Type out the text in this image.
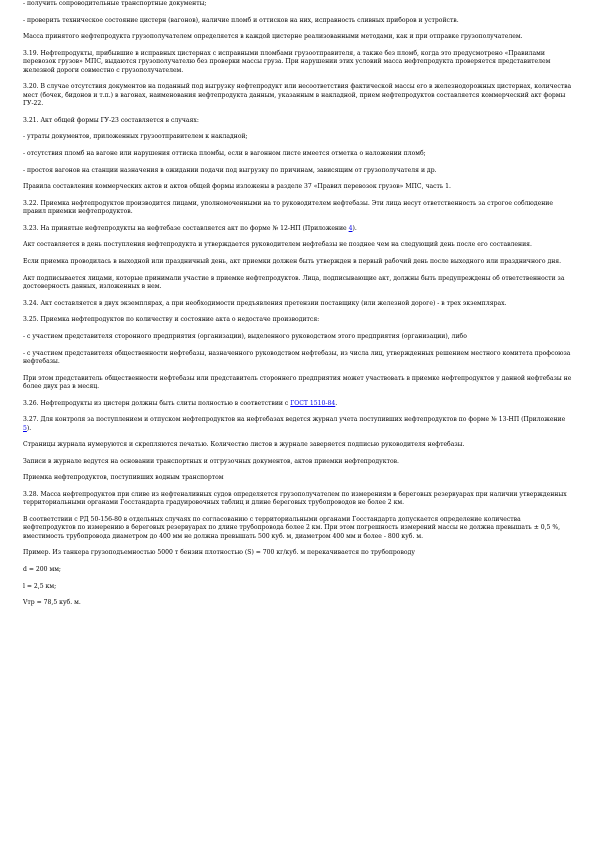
- получить сопроводительные транспортные документы;

- проверить техническое состояние цистерн (вагонов), наличие пломб и оттисков на них, исправность сливных приборов и устройств.

Масса принятого нефтепродукта грузополучателем определяется в каждой цистерне реализованными методами, как и при отправке грузополучателем.

3.19. Нефтепродукты, прибывшие в исправных цистернах с исправными пломбами грузоотправителя, а также без пломб, когда это предусмотрено «Правилами перевозок грузов» МПС, выдаются грузополучателю без проверки массы груза. При нарушении этих условий масса нефтепродукта проверяется представителем железной дороги совместно с грузополучателем.

3.20. В случае отсутствия документов на поданный под выгрузку нефтепродукт или несоответствия фактической массы его в железнодорожных цистернах, количества мест (бочек, бидонов и т.п.) в вагонах, наименования нефтепродукта данным, указанным в накладной, прием нефтепродуктов составляется коммерческий акт формы ГУ-22.

3.21. Акт общей формы ГУ-23 составляется в случаях:

- утраты документов, приложенных грузоотправителем к накладной;

- отсутствия пломб на вагоне или нарушения оттиска пломбы, если в вагонном листе имеется отметка о наложении пломб;

- простоя вагонов на станции назначения в ожидании подачи под выгрузку по причинам, зависящим от грузополучателя и др.

Правила составления коммерческих актов и актов общей формы изложены в разделе 37 «Правил перевозок грузов» МПС, часть 1.

3.22. Приемка нефтепродуктов производится лицами, уполномоченными на то руководителем нефтебазы. Эти лица несут ответственность за строгое соблюдение правил приемки нефтепродуктов.

3.23. На принятые нефтепродукты на нефтебазе составляется акт по форме № 12-НП (Приложение 4).

Акт составляется в день поступления нефтепродукта и утверждается руководителем нефтебазы не позднее чем на следующий день после его составления.

Если приемка проводилась в выходной или праздничный день, акт приемки должен быть утвержден в первый рабочий день после выходного или праздничного дня.

Акт подписывается лицами, которые принимали участие в приемке нефтепродуктов. Лица, подписывающие акт, должны быть предупреждены об ответственности за достоверность данных, изложенных в нем.

3.24. Акт составляется в двух экземплярах, а при необходимости предъявления претензии поставщику (или железной дороге) - в трех экземплярах.

3.25. Приемка нефтепродуктов по количеству и состояние акта о недостаче производится:

- с участием представителя сторонного предприятия (организации), выделенного руководством этого предприятия (организации), либо

- с участием представителя общественности нефтебазы, назначенного руководством нефтебазы, из числа лиц, утвержденных решением местного комитета профсоюза нефтебазы.

При этом представитель общественности нефтебазы или представитель стороннего предприятия может участвовать в приемке нефтепродуктов у данной нефтебазы не более двух раз в месяц.

3.26. Нефтепродукты из цистерн должны быть слиты полностью в соответствии с ГОСТ 1510-84.

3.27. Для контроля за поступлением и отпуском нефтепродуктов на нефтебазах ведется журнал учета поступивших нефтепродуктов по форме № 13-НП (Приложение 5).

Страницы журнала нумеруются и скрепляются печатью. Количество листов в журнале заверяется подписью руководителя нефтебазы.

Записи в журнале ведутся на основании транспортных и отгрузочных документов, актов приемки нефтепродуктов.

Приемка нефтепродуктов, поступивших водным транспортом

3.28. Масса нефтепродуктов при сливе из нефтеналивных судов определяется грузополучателем по измерениям в береговых резервуарах при наличии утвержденных территориальными органами Госстандарта градуировочных таблиц и длине береговых трубопроводов не более 2 км.

В соответствии с РД 50-156-80 в отдельных случаях по согласованию с территориальными органами Госстандарта допускается определение количества нефтепродуктов по измерению в береговых резервуарах по длине трубопровода более 2 км. При этом погрешность измерений массы не должна превышать ± 0,5 %, вместимость трубопровода диаметром до 400 мм не должна превышать 500 куб. м, диаметром 400 мм и более - 800 куб. м.

Пример. Из танкера грузоподъемностью 5000 т бензин плотностью (S) = 700 кг/куб. м перекачивается по трубопроводу

d = 200 мм;

l = 2,5 км;

Vтр = 78,5 куб. м.
